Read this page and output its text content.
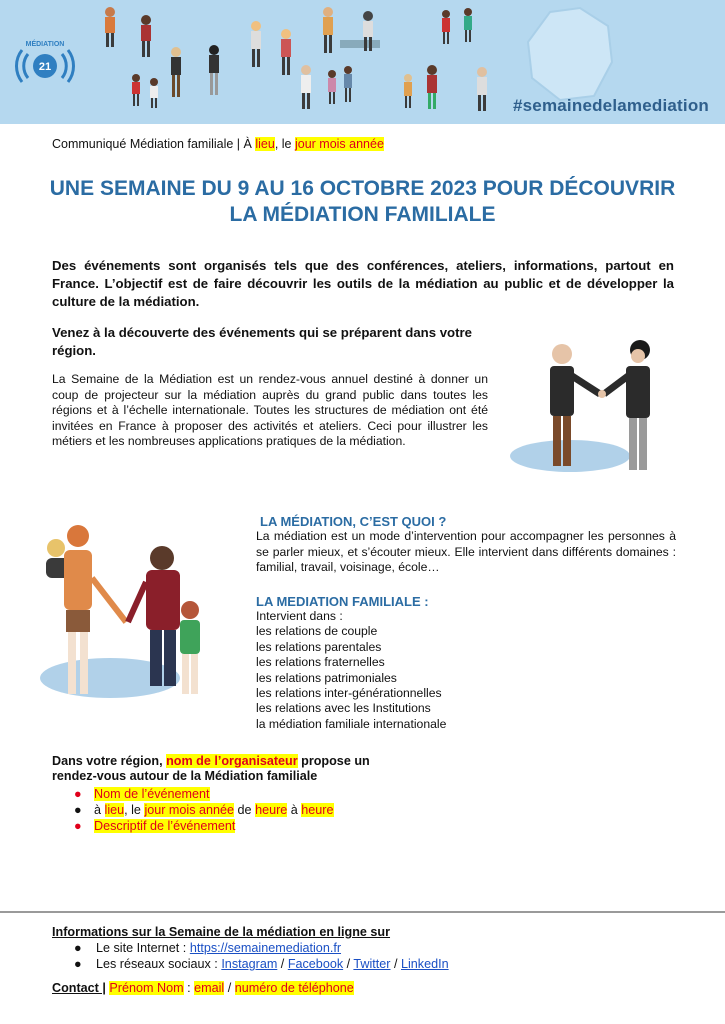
21
MÉDIATION
#semainedelamediation
Communiqué Médiation familiale | À lieu, le jour mois année
UNE SEMAINE DU 9 AU 16 OCTOBRE 2023 POUR DÉCOUVRIR LA MÉDIATION FAMILIALE
Des événements sont organisés tels que des conférences, ateliers, informations, partout en France. L’objectif est de faire découvrir les outils de la médiation au public et de développer la culture de la médiation.
Venez à la découverte des événements qui se préparent dans votre région.
La Semaine de la Médiation est un rendez-vous annuel destiné à donner un coup de projecteur sur la médiation auprès du grand public dans toutes les régions et à l’échelle internationale. Toutes les structures de médiation ont été invitées en France à proposer des activités et ateliers. Ceci pour illustrer les métiers et les nombreuses applications pratiques de la médiation.
LA MÉDIATION, C’EST QUOI ?
La médiation est un mode d’intervention pour accompagner les personnes à se parler mieux, et s’écouter mieux. Elle intervient dans différents domaines : familial, travail, voisinage, école…
LA MEDIATION FAMILIALE :
Intervient dans :
les relations de couple
les relations parentales
les relations fraternelles
les relations patrimoniales
les relations inter-générationnelles
les relations avec les Institutions
la médiation familiale internationale
Dans votre région, nom de l’organisateur propose un rendez-vous autour de la Médiation familiale
● Nom de l’événement
● à lieu, le jour mois année de heure à heure
● Descriptif de l’événement
Informations sur la Semaine de la médiation en ligne sur
● Le site Internet : https://semainemediation.fr
● Les réseaux sociaux : Instagram / Facebook / Twitter / LinkedIn
Contact | Prénom Nom : email / numéro de téléphone
